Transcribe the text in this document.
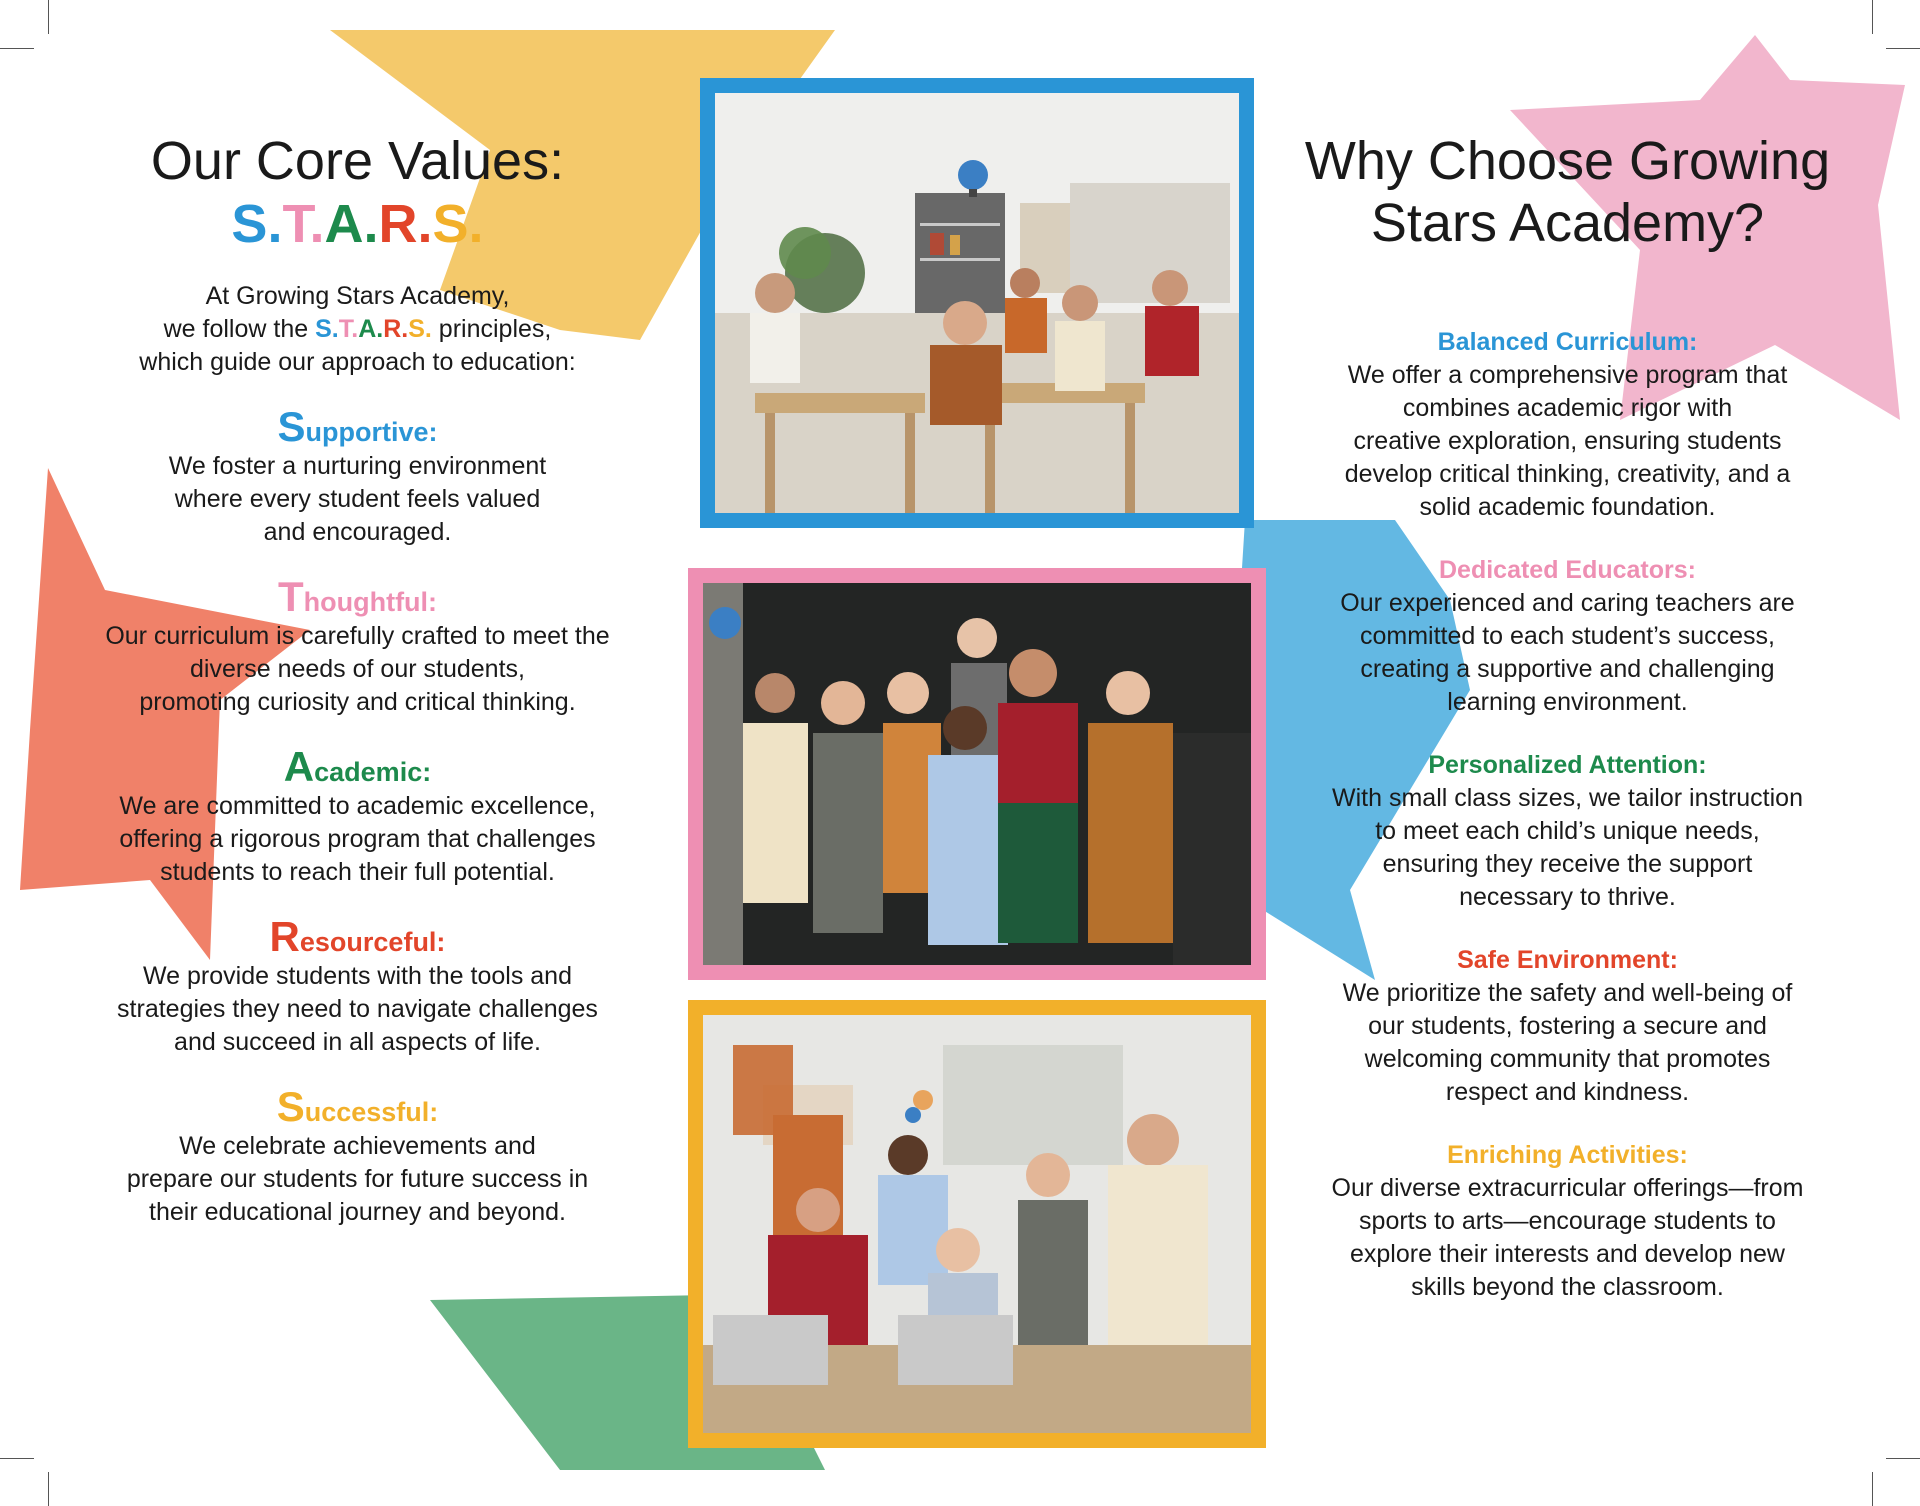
Our Core Values:
S.T.A.R.S.
At Growing Stars Academy,
we follow the S.T.A.R.S. principles,
which guide our approach to education:
Supportive:
We foster a nurturing environment
where every student feels valued
and encouraged.
Thoughtful:
Our curriculum is carefully crafted to meet the
diverse needs of our students,
promoting curiosity and critical thinking.
Academic:
We are committed to academic excellence,
offering a rigorous program that challenges
students to reach their full potential.
Resourceful:
We provide students with the tools and
strategies they need to navigate challenges
and succeed in all aspects of life.
Successful:
We celebrate achievements and
prepare our students for future success in
their educational journey and beyond.
Why Choose Growing
Stars Academy?
Balanced Curriculum:
We offer a comprehensive program that
combines academic rigor with
creative exploration, ensuring students
develop critical thinking, creativity, and a
solid academic foundation.
Dedicated Educators:
Our experienced and caring teachers are
committed to each student’s success,
creating a supportive and challenging
learning environment.
Personalized Attention:
With small class sizes, we tailor instruction
to meet each child’s unique needs,
ensuring they receive the support
necessary to thrive.
Safe Environment:
We prioritize the safety and well-being of
our students, fostering a secure and
welcoming community that promotes
respect and kindness.
Enriching Activities:
Our diverse extracurricular offerings—from
sports to arts—encourage students to
explore their interests and develop new
skills beyond the classroom.
